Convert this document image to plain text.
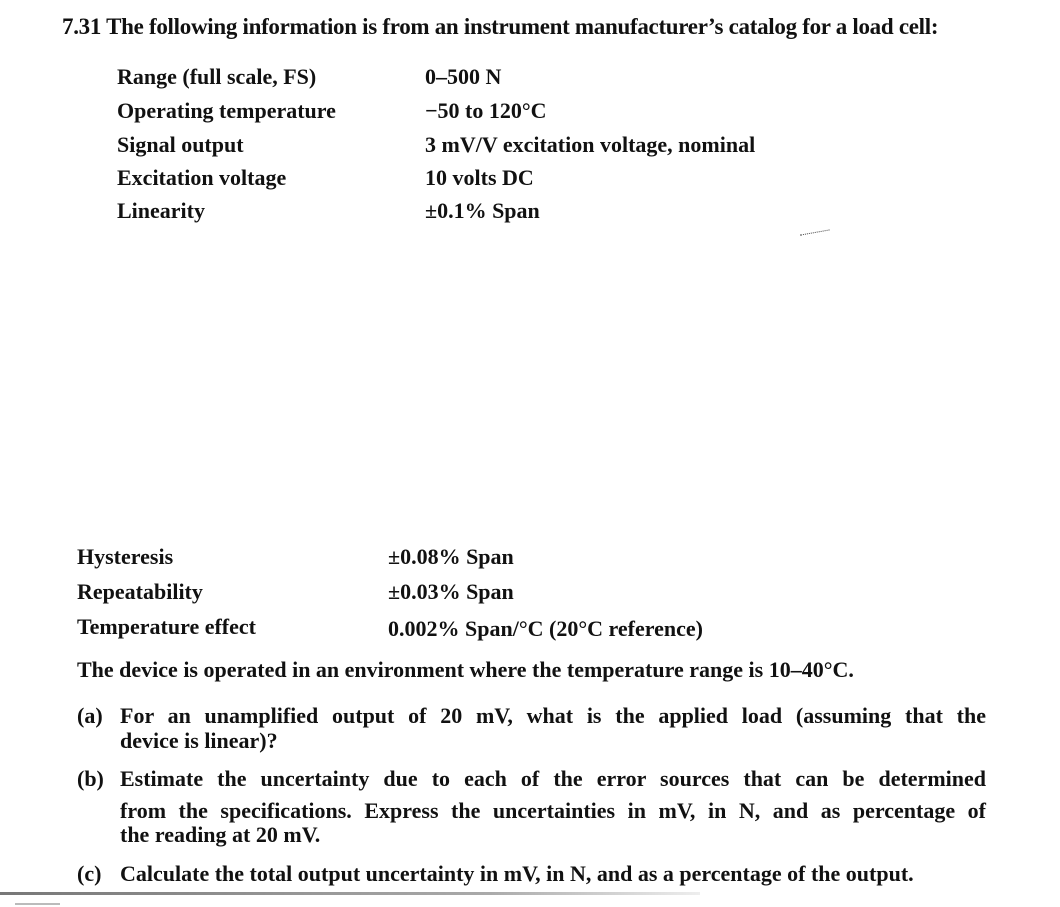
7.31 The following information is from an instrument manufacturer’s catalog for a load cell:
Range (full scale, FS)	0–500 N
Operating temperature	−50 to 120°C
Signal output	3 mV/V excitation voltage, nominal
Excitation voltage	10 volts DC
Linearity	±0.1% Span
Hysteresis	±0.08% Span
Repeatability	±0.03% Span
Temperature effect	0.002% Span/°C (20°C reference)
The device is operated in an environment where the temperature range is 10–40°C.
(a) For an unamplified output of 20 mV, what is the applied load (assuming that the
device is linear)?
(b) Estimate the uncertainty due to each of the error sources that can be determined
from the specifications. Express the uncertainties in mV, in N, and as percentage of
the reading at 20 mV.
(c) Calculate the total output uncertainty in mV, in N, and as a percentage of the output.
